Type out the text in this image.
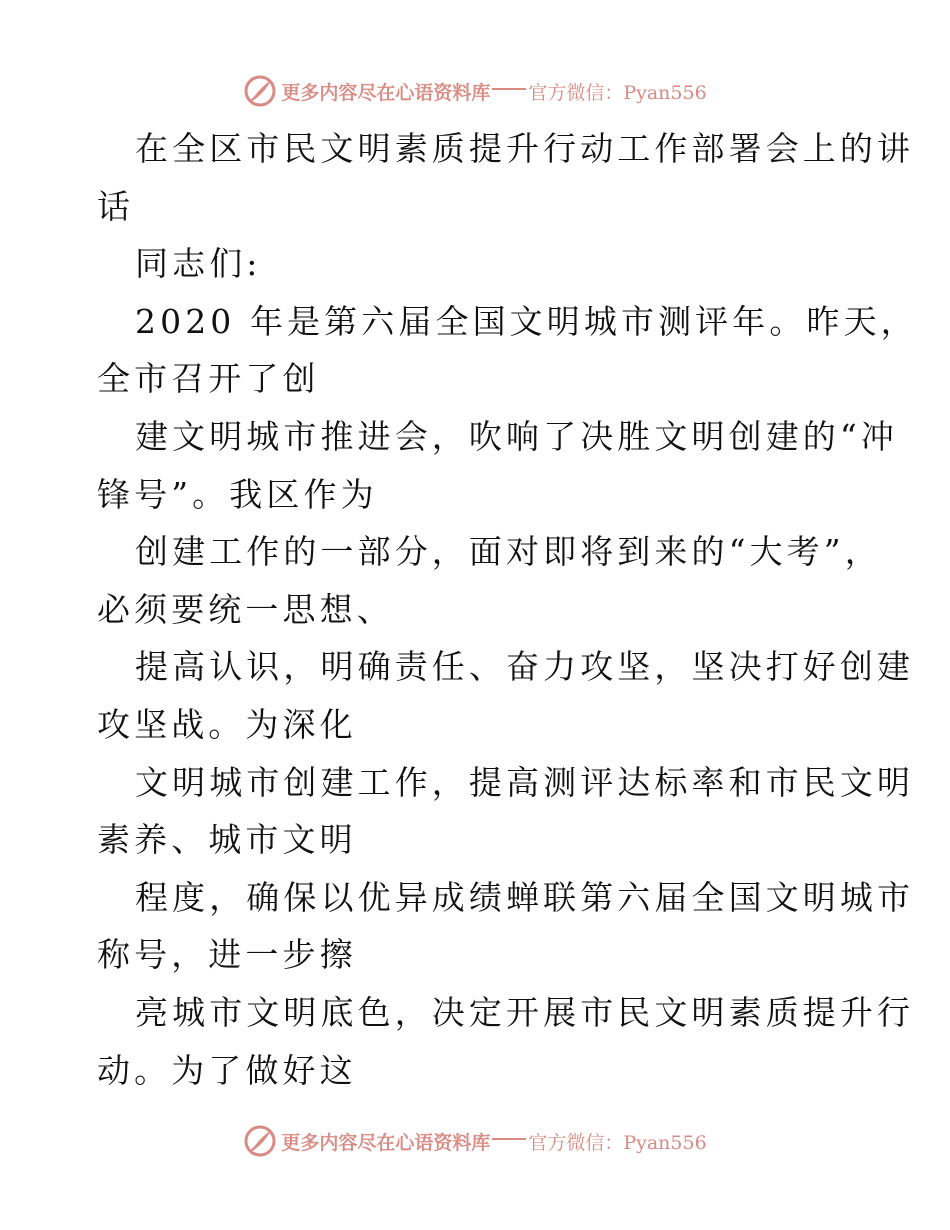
更多内容尽在心语资料库 官方微信：Pyan556
在全区市民文明素质提升行动工作部署会上的讲
话
同志们:
2020 年是第六届全国文明城市测评年。昨天，
全市召开了创
建文明城市推进会，吹响了决胜文明创建的“冲
锋号”。我区作为
创建工作的一部分，面对即将到来的“大考”，
必须要统一思想、
提高认识，明确责任、奋力攻坚，坚决打好创建
攻坚战。为深化
文明城市创建工作，提高测评达标率和市民文明
素养、城市文明
程度，确保以优异成绩蝉联第六届全国文明城市
称号，进一步擦
亮城市文明底色，决定开展市民文明素质提升行
动。为了做好这
更多内容尽在心语资料库 官方微信：Pyan556
